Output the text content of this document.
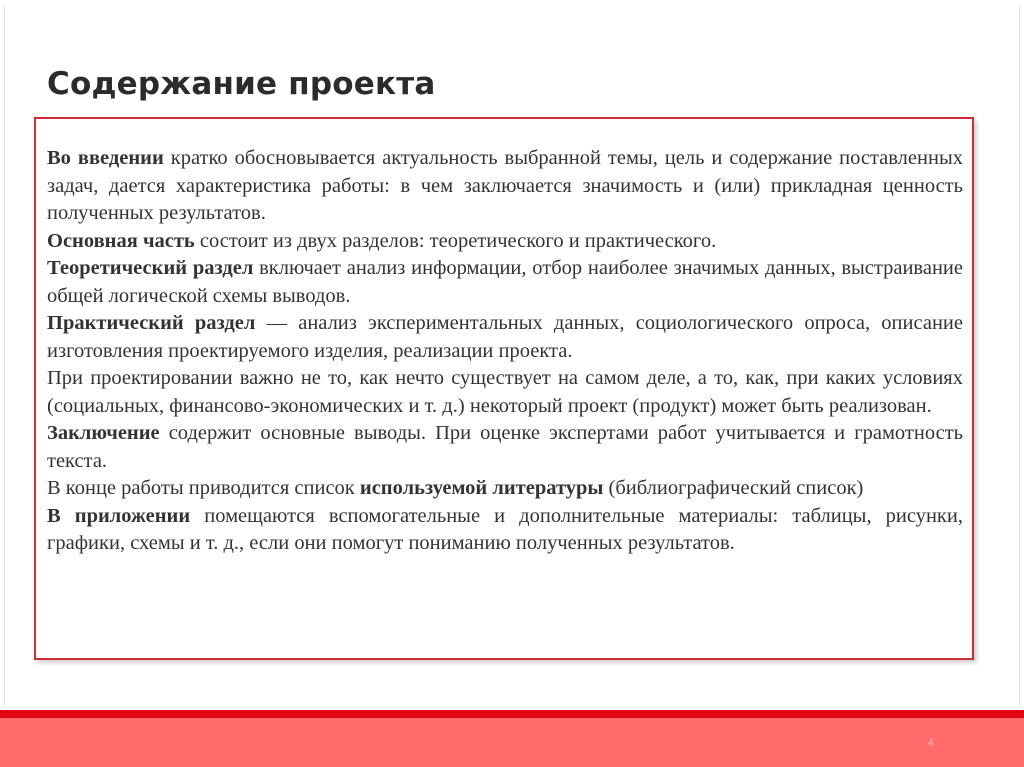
Содержание проекта

Во введении кратко обосновывается актуальность выбранной темы, цель и содержание поставленных задач, дается характеристика работы: в чем заключается значимость и (или) прикладная ценность полученных результатов.

Основная часть состоит из двух разделов: теоретического и практического.

Теоретический раздел включает анализ информации, отбор наиболее значимых данных, выстраивание общей логической схемы выводов.

Практический раздел — анализ экспериментальных данных, социологического опроса, описание изготовления проектируемого изделия, реализации проекта.

При проектировании важно не то, как нечто существует на самом деле, а то, как, при каких условиях (социальных, финансово-экономических и т. д.) некоторый проект (продукт) может быть реализован.

Заключение содержит основные выводы. При оценке экспертами работ учитывается и грамотность текста.

В конце работы приводится список используемой литературы (библиографический список)

В приложении помещаются вспомогательные и дополнительные материалы: таблицы, рисунки, графики, схемы и т. д., если они помогут пониманию полученных результатов.

4
